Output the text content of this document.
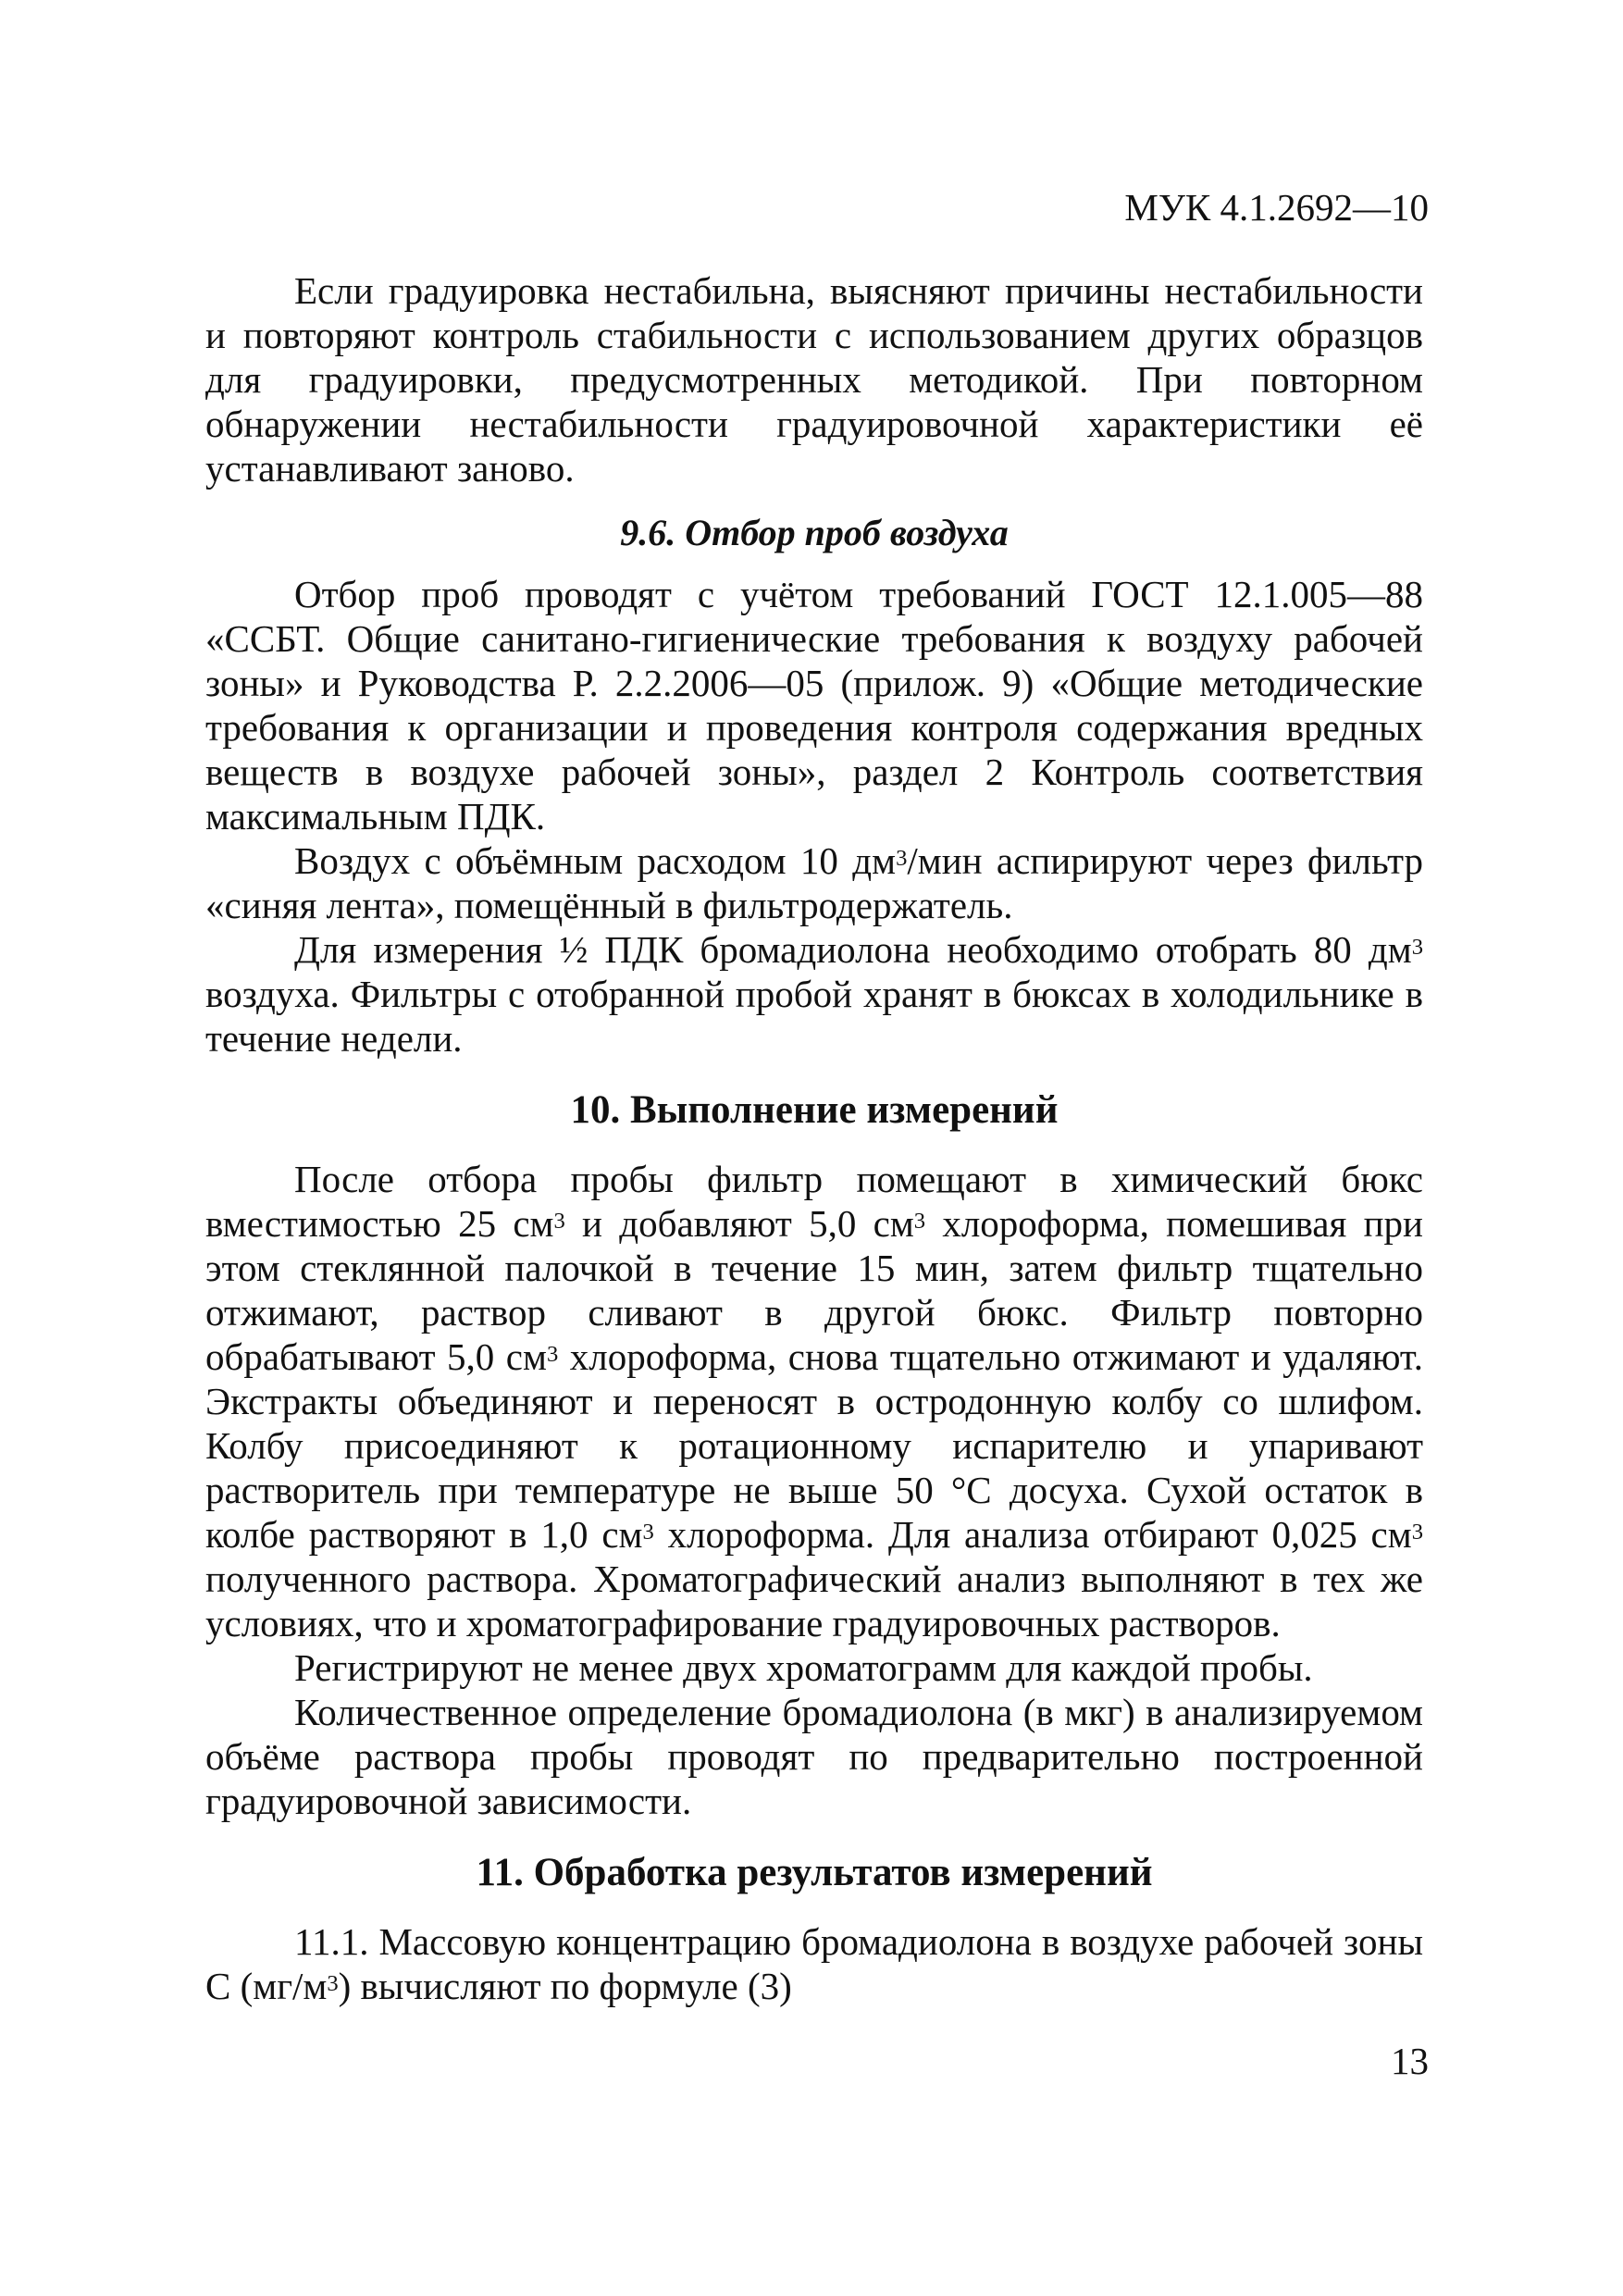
МУК 4.1.2692—10

Если градуировка нестабильна, выясняют причины нестабильности и повторяют контроль стабильности с использованием других образцов для градуировки, предусмотренных методикой. При повторном обнаружении нестабильности градуировочной характеристики её устанавливают заново.

9.6. Отбор проб воздуха

Отбор проб проводят с учётом требований ГОСТ 12.1.005—88 «ССБТ. Общие санитано-гигиенические требования к воздуху рабочей зоны» и Руководства Р. 2.2.2006—05 (прилож. 9) «Общие методические требования к организации и проведения контроля содержания вредных веществ в воздухе рабочей зоны», раздел 2 Контроль соответствия максимальным ПДК.

Воздух с объёмным расходом 10 $дм^3$/мин аспирируют через фильтр «синяя лента», помещённый в фильтродержатель.

Для измерения ½ ПДК бромадиолона необходимо отобрать 80 $дм^3$ воздуха. Фильтры с отобранной пробой хранят в бюксах в холодильнике в течение недели.

10. Выполнение измерений

После отбора пробы фильтр помещают в химический бюкс вместимостью 25 $см^3$ и добавляют 5,0 $см^3$ хлороформа, помешивая при этом стеклянной палочкой в течение 15 мин, затем фильтр тщательно отжимают, раствор сливают в другой бюкс. Фильтр повторно обрабатывают 5,0 $см^3$ хлороформа, снова тщательно отжимают и удаляют. Экстракты объединяют и переносят в остродонную колбу со шлифом. Колбу присоединяют к ротационному испарителю и упаривают растворитель при температуре не выше 50 °С досуха. Сухой остаток в колбе растворяют в 1,0 $см^3$ хлороформа. Для анализа отбирают 0,025 $см^3$ полученного раствора. Хроматографический анализ выполняют в тех же условиях, что и хроматографирование градуировочных растворов.

Регистрируют не менее двух хроматограмм для каждой пробы.

Количественное определение бромадиолона (в мкг) в анализируемом объёме раствора пробы проводят по предварительно построенной градуировочной зависимости.

11. Обработка результатов измерений

11.1. Массовую концентрацию бромадиолона в воздухе рабочей зоны С $(мг/м^3)$ вычисляют по формуле (3)

13
